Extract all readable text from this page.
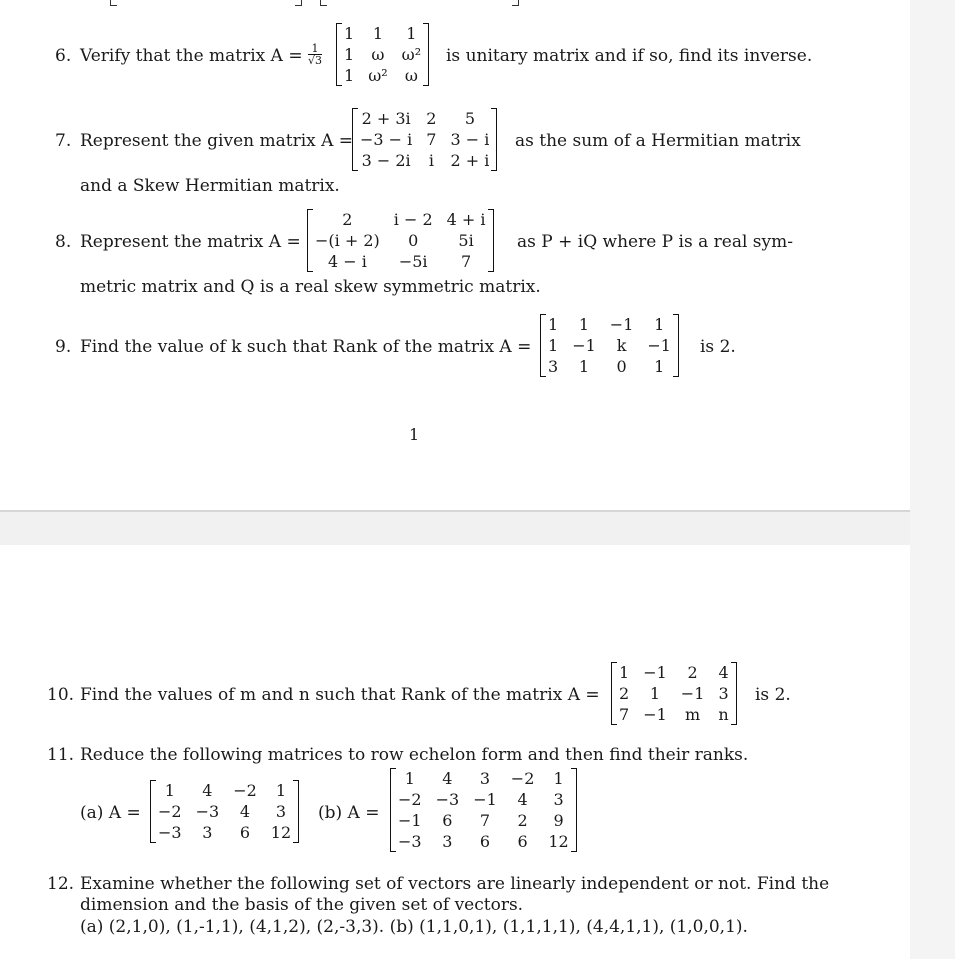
6. Verify that the matrix $A = \frac{1}{√3}$
1	1	1
1	ω	ω²
1	ω²	ω
is unitary matrix and if so, find its inverse.
7. Represent the given matrix A =
2 + 3i	2	5
−3 − i	7	3 − i
3 − 2i	i	2 + i
as the sum of a Hermitian matrix
and a Skew Hermitian matrix.
8. Represent the matrix A =
2	i − 2	4 + i
−(i + 2)	0	5i
4 − i	−5i	7
as P + iQ where P is a real sym-
metric matrix and Q is a real skew symmetric matrix.
9. Find the value of k such that Rank of the matrix A =
1	1	−1	1
1	−1	k	−1
3	1	0	1
is 2.
1
10. Find the values of m and n such that Rank of the matrix A =
1	−1	2	4
2	1	−1	3
7	−1	m	n
is 2.
11. Reduce the following matrices to row echelon form and then find their ranks.
(a) A =
1	4	−2	1
−2	−3	4	3
−3	3	6	12
(b) A =
1	4	3	−2	1
−2	−3	−1	4	3
−1	6	7	2	9
−3	3	6	6	12
12. Examine whether the following set of vectors are linearly independent or not. Find the
dimension and the basis of the given set of vectors.
(a) (2,1,0), (1,-1,1), (4,1,2), (2,-3,3). (b) (1,1,0,1), (1,1,1,1), (4,4,1,1), (1,0,0,1).
